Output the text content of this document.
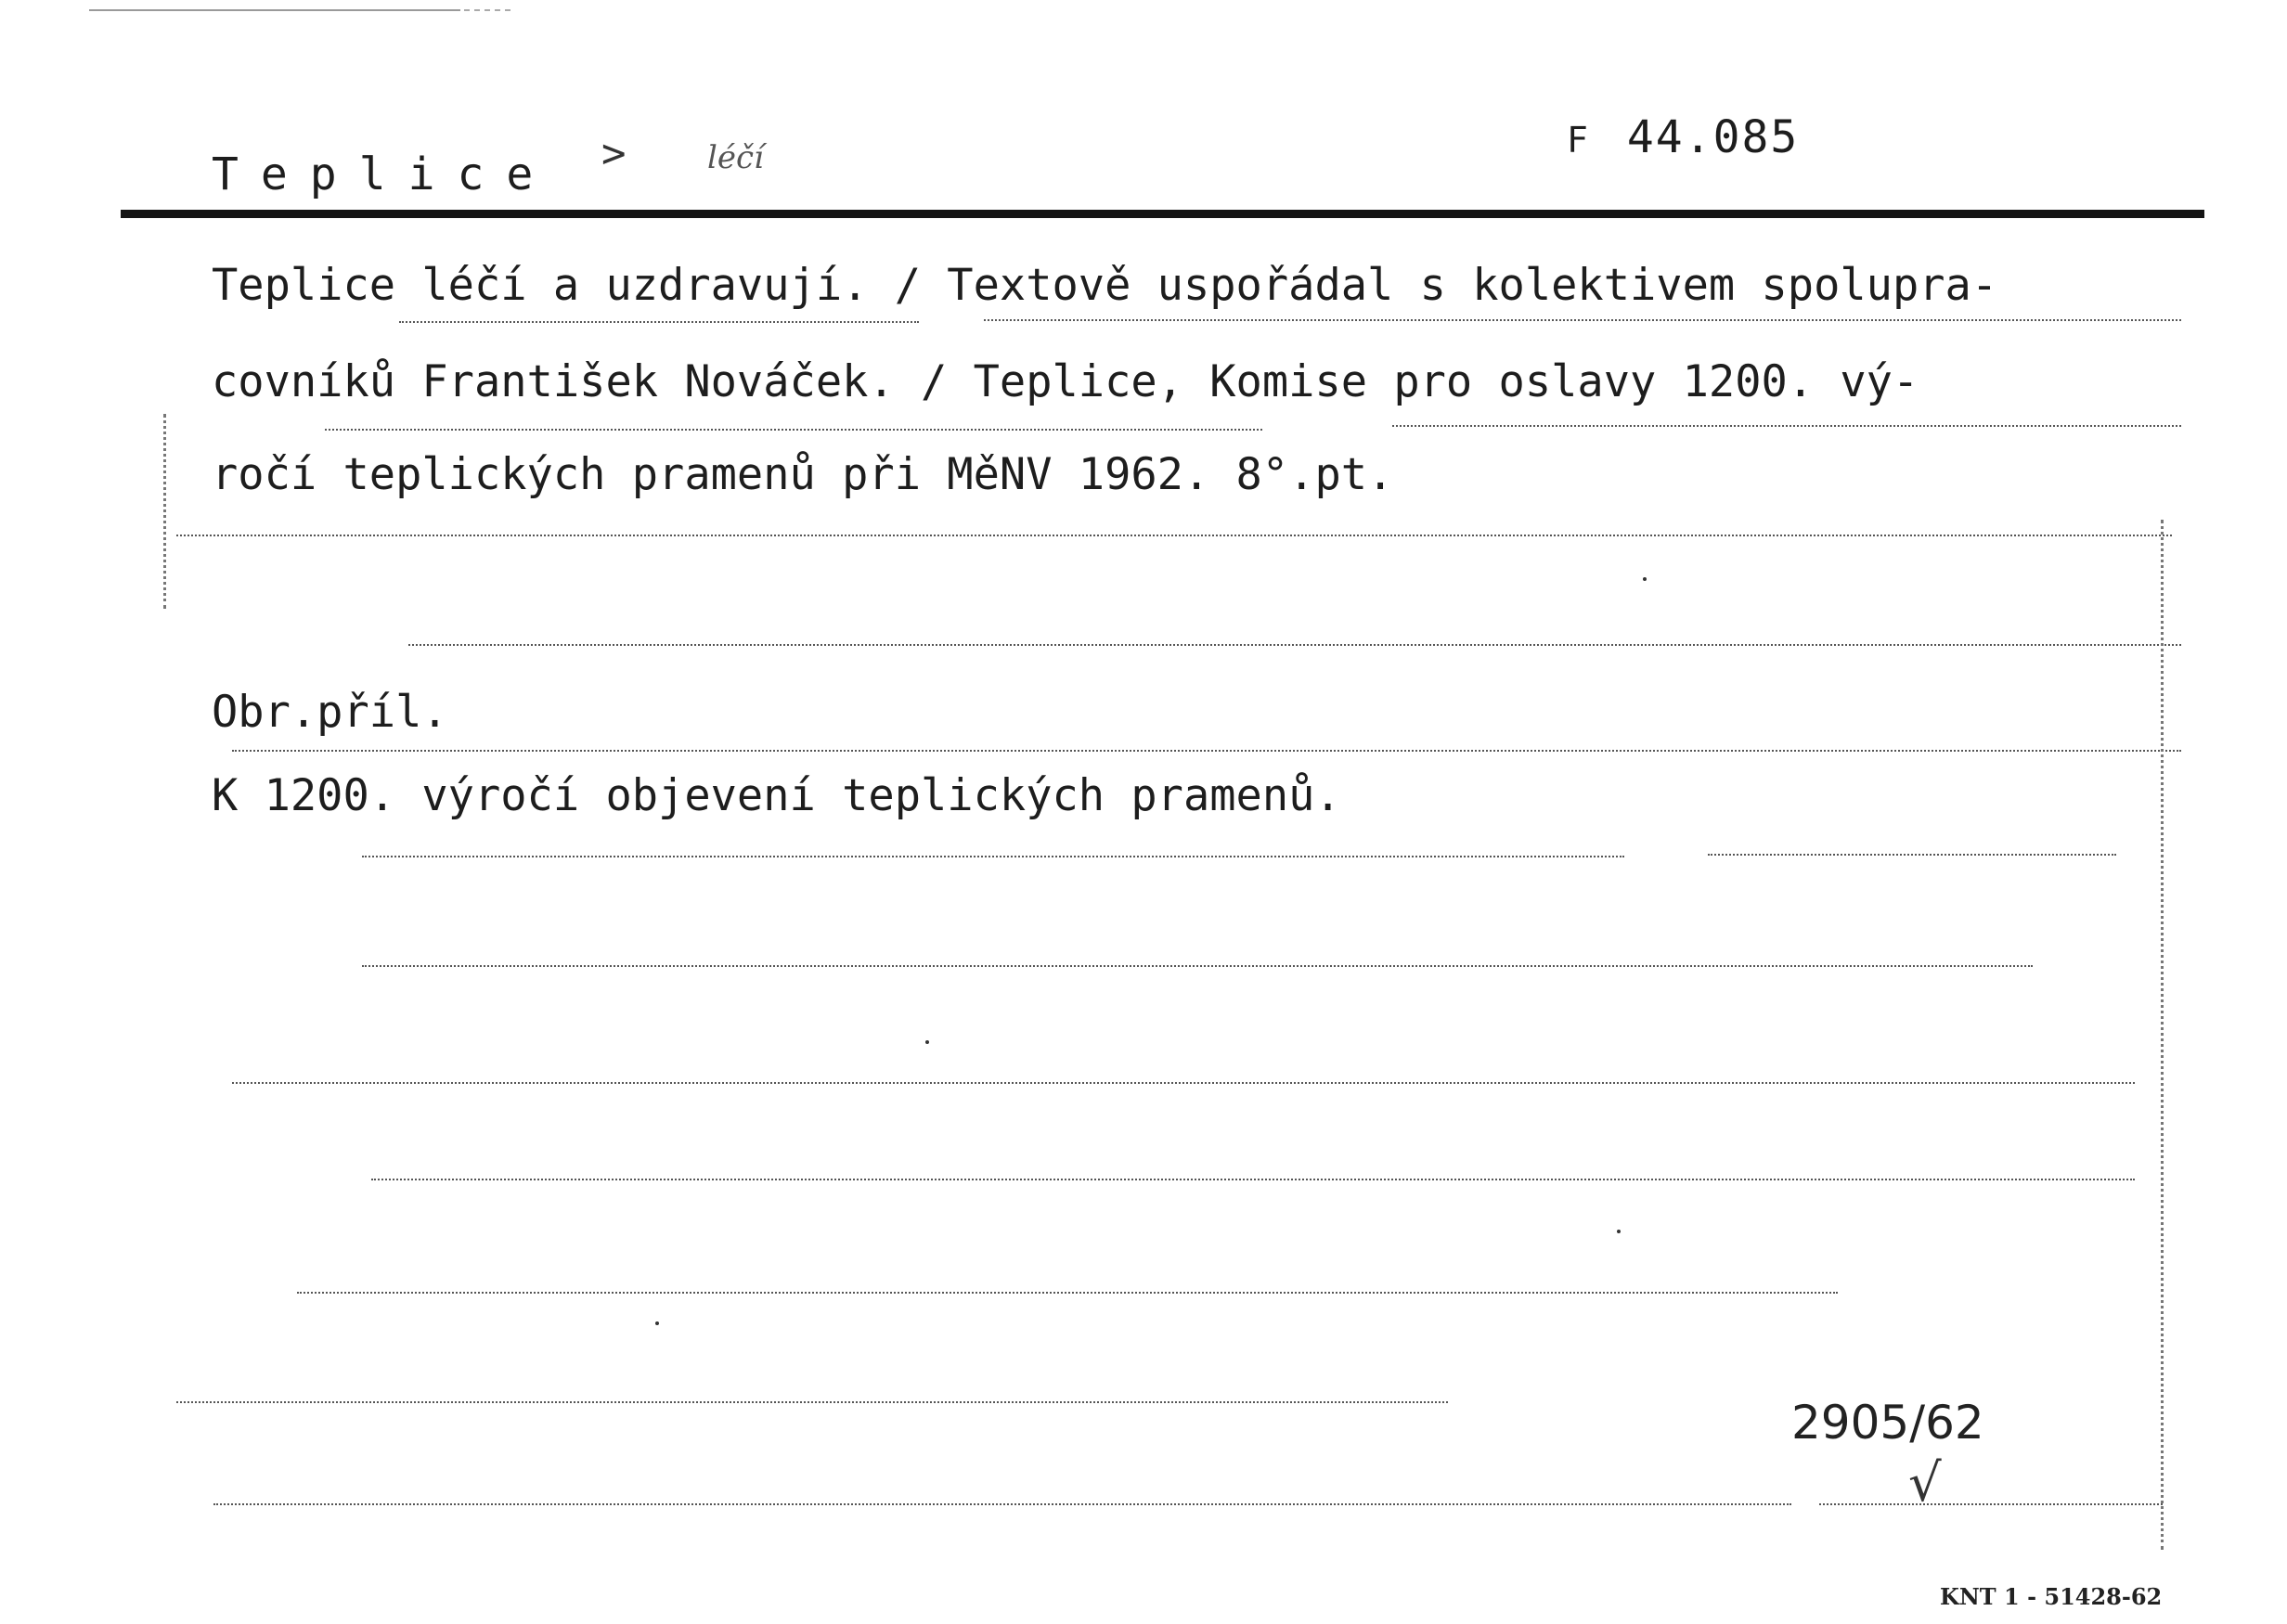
Teplice >	léčí	F 44.085
Teplice léčí a uzdravují. / Textově uspořádal s kolektivem spolupra-
covníků František Nováček. / Teplice, Komise pro oslavy 1200. vý-
ročí teplických pramenů při MěNV 1962. 8°.pt.
Obr.příl.
K 1200. výročí objevení teplických pramenů.
2905/62
√
KNT 1 - 51428-62
